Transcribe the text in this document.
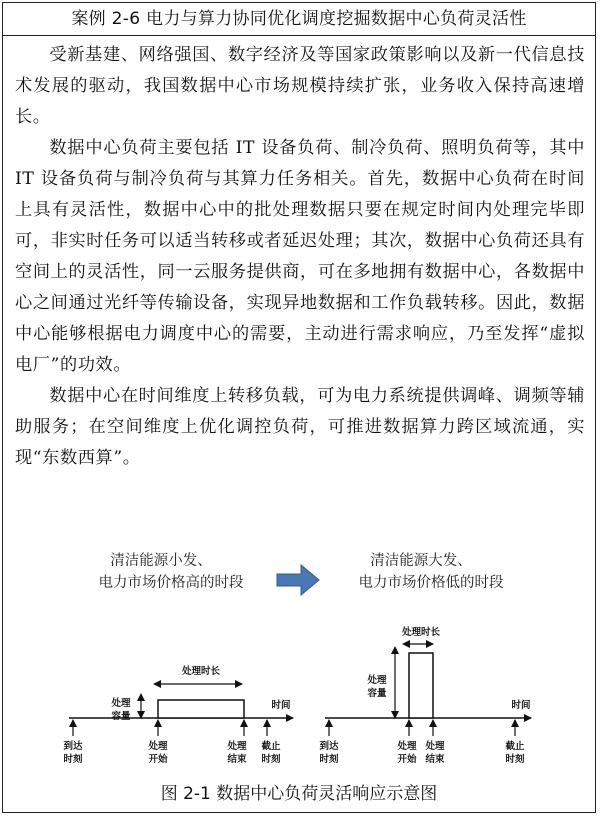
案例 2-6 电力与算力协同优化调度挖掘数据中心负荷灵活性

受新基建、网络强国、数字经济及等国家政策影响以及新一代信息技术发展的驱动，我国数据中心市场规模持续扩张，业务收入保持高速增长。

数据中心负荷主要包括 IT 设备负荷、制冷负荷、照明负荷等，其中 IT 设备负荷与制冷负荷与其算力任务相关。首先，数据中心负荷在时间上具有灵活性，数据中心中的批处理数据只要在规定时间内处理完毕即可，非实时任务可以适当转移或者延迟处理；其次，数据中心负荷还具有空间上的灵活性，同一云服务提供商，可在多地拥有数据中心，各数据中心之间通过光纤等传输设备，实现异地数据和工作负载转移。因此，数据中心能够根据电力调度中心的需要，主动进行需求响应，乃至发挥“虚拟电厂”的功效。

数据中心在时间维度上转移负载，可为电力系统提供调峰、调频等辅助服务；在空间维度上优化调控负荷，可推进数据算力跨区域流通，实现“东数西算”。

清洁能源小发、
电力市场价格高的时段
清洁能源大发、
电力市场价格低的时段
时间
处理时长
处理
容量
到达
时刻
处理
开始
处理
结束
截止
时刻
时间
处理时长
处理
容量
到达
时刻
处理
开始
处理
结束
截止
时刻
图 2-1 数据中心负荷灵活响应示意图
